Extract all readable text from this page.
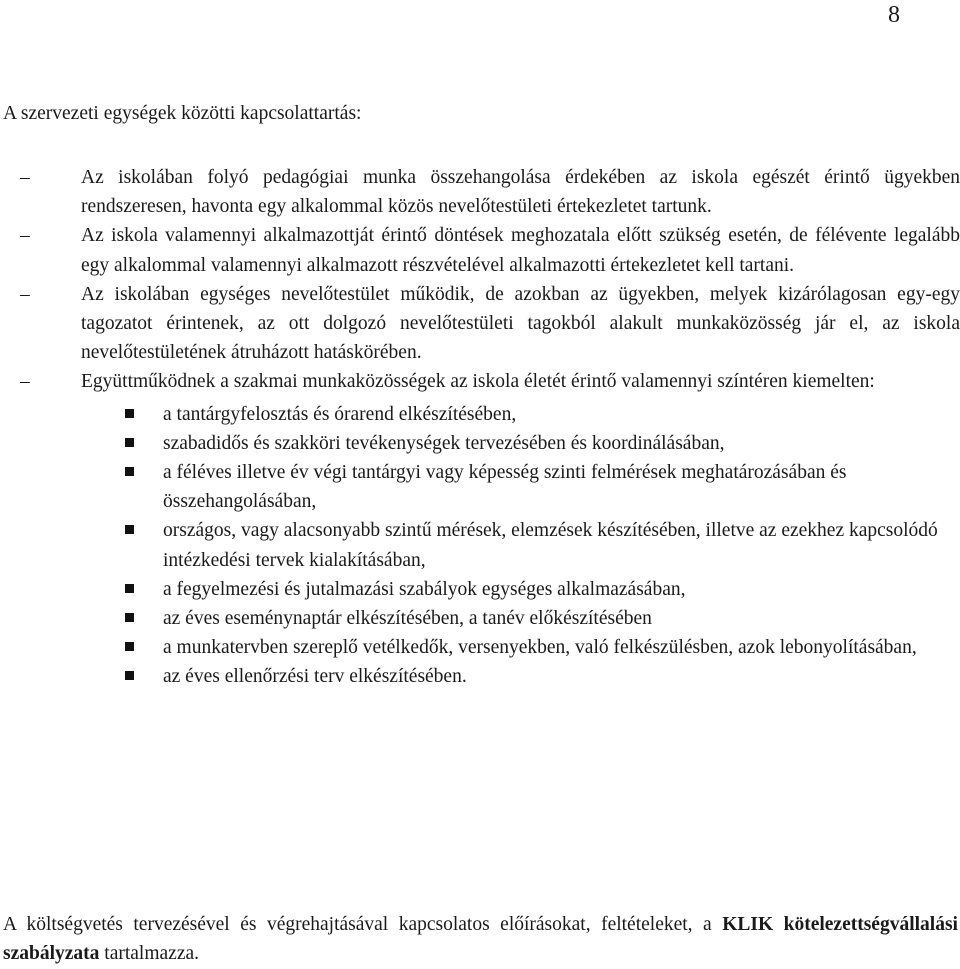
8
A szervezeti egységek közötti kapcsolattartás:
–	Az iskolában folyó pedagógiai munka összehangolása érdekében az iskola egészét érintő ügyekben rendszeresen, havonta egy alkalommal közös nevelőtestületi értekezletet tartunk.
–	Az iskola valamennyi alkalmazottját érintő döntések meghozatala előtt szükség esetén, de félévente legalább egy alkalommal valamennyi alkalmazott részvételével alkalmazotti értekezletet kell tartani.
–	Az iskolában egységes nevelőtestület működik, de azokban az ügyekben, melyek kizárólagosan egy-egy tagozatot érintenek, az ott dolgozó nevelőtestületi tagokból alakult munkaközösség jár el, az iskola nevelőtestületének átruházott hatáskörében.
–	Együttműködnek a szakmai munkaközösségek az iskola életét érintő valamennyi színtéren kiemelten:
a tantárgyfelosztás és órarend elkészítésében,
szabadidős és szakköri tevékenységek tervezésében és koordinálásában,
a féléves illetve év végi tantárgyi vagy képesség szinti felmérések meghatározásában és összehangolásában,
országos, vagy alacsonyabb szintű mérések, elemzések készítésében, illetve az ezekhez kapcsolódó intézkedési tervek kialakításában,
a fegyelmezési és jutalmazási szabályok egységes alkalmazásában,
az éves eseménynaptár elkészítésében, a tanév előkészítésében
a munkatervben szereplő vetélkedők, versenyekben, való felkészülésben, azok lebonyolításában,
az éves ellenőrzési terv elkészítésében.
A költségvetés tervezésével és végrehajtásával kapcsolatos előírásokat, feltételeket, a KLIK kötelezettségvállalási szabályzata tartalmazza.
